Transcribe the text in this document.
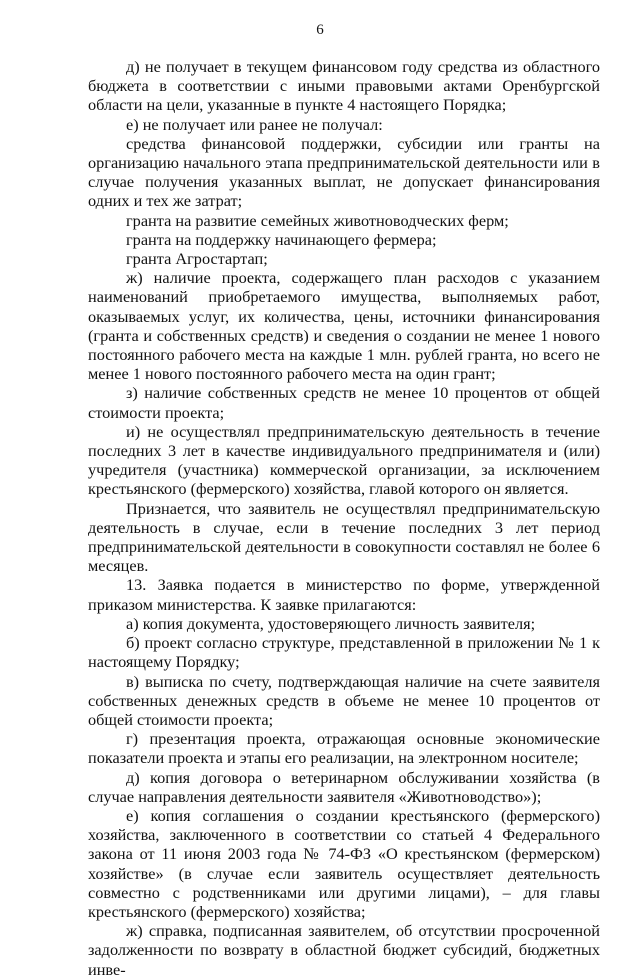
6

д) не получает в текущем финансовом году средства из областного бюджета в соответствии с иными правовыми актами Оренбургской области на цели, указанные в пункте 4 настоящего Порядка;

е) не получает или ранее не получал:

средства финансовой поддержки, субсидии или гранты на организацию начального этапа предпринимательской деятельности или в случае получения указанных выплат, не допускает финансирования одних и тех же затрат;

гранта на развитие семейных животноводческих ферм;

гранта на поддержку начинающего фермера;

гранта Агростартап;

ж) наличие проекта, содержащего план расходов с указанием наименований приобретаемого имущества, выполняемых работ, оказываемых услуг, их количества, цены, источники финансирования (гранта и собственных средств) и сведения о создании не менее 1 нового постоянного рабочего места на каждые 1 млн. рублей гранта, но всего не менее 1 нового постоянного рабочего места на один грант;

з) наличие собственных средств не менее 10 процентов от общей стоимости проекта;

и) не осуществлял предпринимательскую деятельность в течение последних 3 лет в качестве индивидуального предпринимателя и (или) учредителя (участника) коммерческой организации, за исключением крестьянского (фермерского) хозяйства, главой которого он является.

Признается, что заявитель не осуществлял предпринимательскую деятельность в случае, если в течение последних 3 лет период предпринимательской деятельности в совокупности составлял не более 6 месяцев.

13. Заявка подается в министерство по форме, утвержденной приказом министерства. К заявке прилагаются:

а) копия документа, удостоверяющего личность заявителя;

б) проект согласно структуре, представленной в приложении № 1 к настоящему Порядку;

в) выписка по счету, подтверждающая наличие на счете заявителя собственных денежных средств в объеме не менее 10 процентов от общей стоимости проекта;

г) презентация проекта, отражающая основные экономические показатели проекта и этапы его реализации, на электронном носителе;

д) копия договора о ветеринарном обслуживании хозяйства (в случае направления деятельности заявителя «Животноводство»);

е) копия соглашения о создании крестьянского (фермерского) хозяйства, заключенного в соответствии со статьей 4 Федерального закона от 11 июня 2003 года № 74-ФЗ «О крестьянском (фермерском) хозяйстве» (в случае если заявитель осуществляет деятельность совместно с родственниками или другими лицами), – для главы крестьянского (фермерского) хозяйства;

ж) справка, подписанная заявителем, об отсутствии просроченной задолженности по возврату в областной бюджет субсидий, бюджетных инве-
